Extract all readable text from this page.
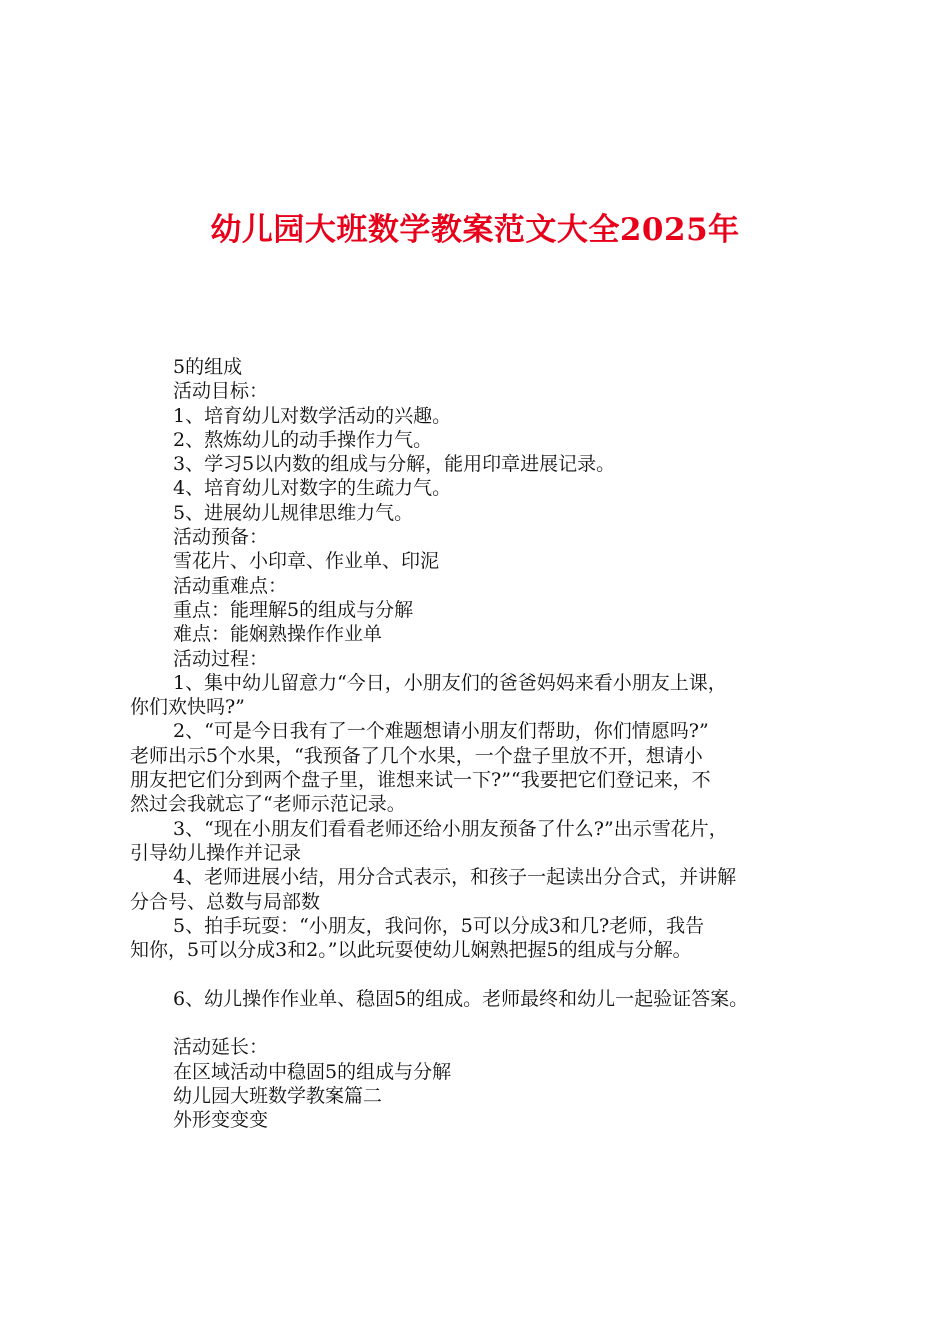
幼儿园大班数学教案范文大全2025年

5的组成

活动目标：

1、培育幼儿对数学活动的兴趣。

2、熬炼幼儿的动手操作力气。

3、学习5以内数的组成与分解，能用印章进展记录。

4、培育幼儿对数字的生疏力气。

5、进展幼儿规律思维力气。

活动预备：

雪花片、小印章、作业单、印泥

活动重难点：

重点：能理解5的组成与分解

难点：能娴熟操作作业单

活动过程：

1、集中幼儿留意力“今日，小朋友们的爸爸妈妈来看小朋友上课，

你们欢快吗?”

2、“可是今日我有了一个难题想请小朋友们帮助，你们情愿吗?”

老师出示5个水果，“我预备了几个水果，一个盘子里放不开，想请小

朋友把它们分到两个盘子里，谁想来试一下?”“我要把它们登记来，不

然过会我就忘了“老师示范记录。

3、“现在小朋友们看看老师还给小朋友预备了什么?”出示雪花片，

引导幼儿操作并记录

4、老师进展小结，用分合式表示，和孩子一起读出分合式，并讲解

分合号、总数与局部数

5、拍手玩耍：“小朋友，我问你，5可以分成3和几?老师，我告

知你，5可以分成3和2。”以此玩耍使幼儿娴熟把握5的组成与分解。

6、幼儿操作作业单、稳固5的组成。老师最终和幼儿一起验证答案。

活动延长：

在区域活动中稳固5的组成与分解

幼儿园大班数学教案篇二

外形变变变
